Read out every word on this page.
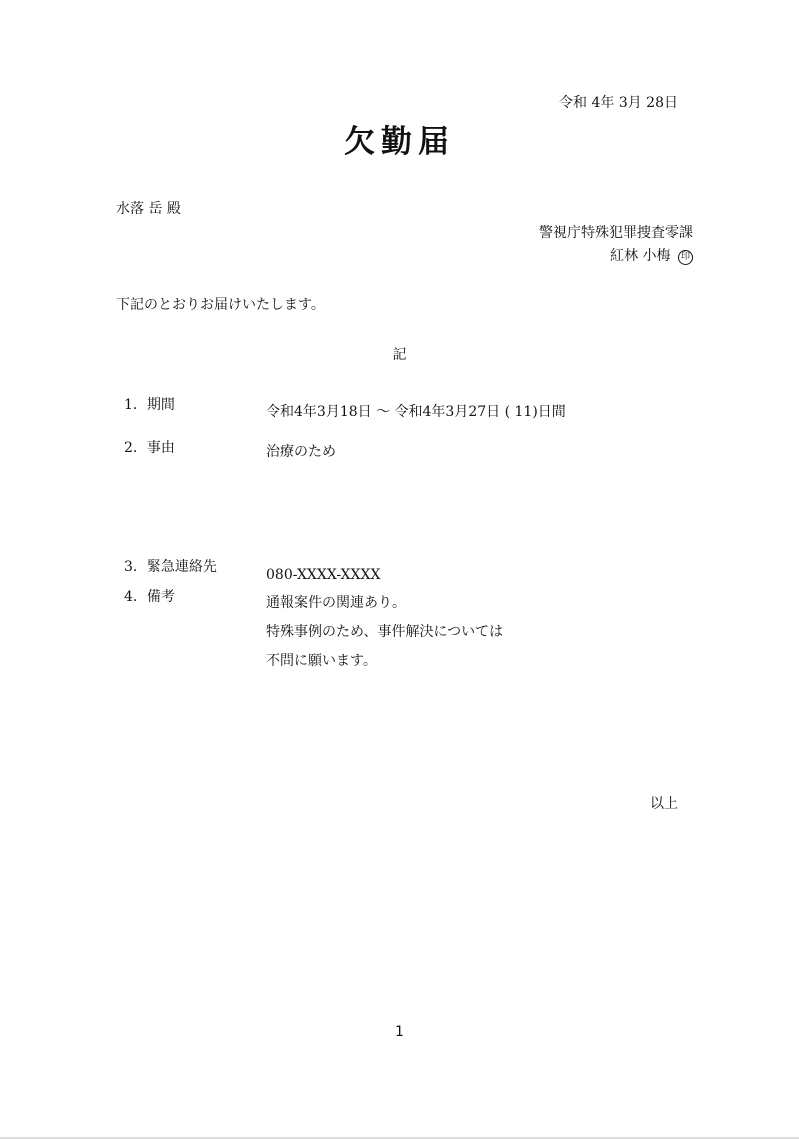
令和 4年 3月 28日
欠勤届
水落 岳 殿
警視庁特殊犯罪捜査零課
紅林 小梅 印
下記のとおりお届けいたします。
記
1．期間	令和4年3月18日 ～ 令和4年3月27日 ( 11)日間
2．事由	治療のため
3．緊急連絡先	080-XXXX-XXXX
4．備考	通報案件の関連あり。
特殊事例のため、事件解決については
不問に願います。
以上
1
